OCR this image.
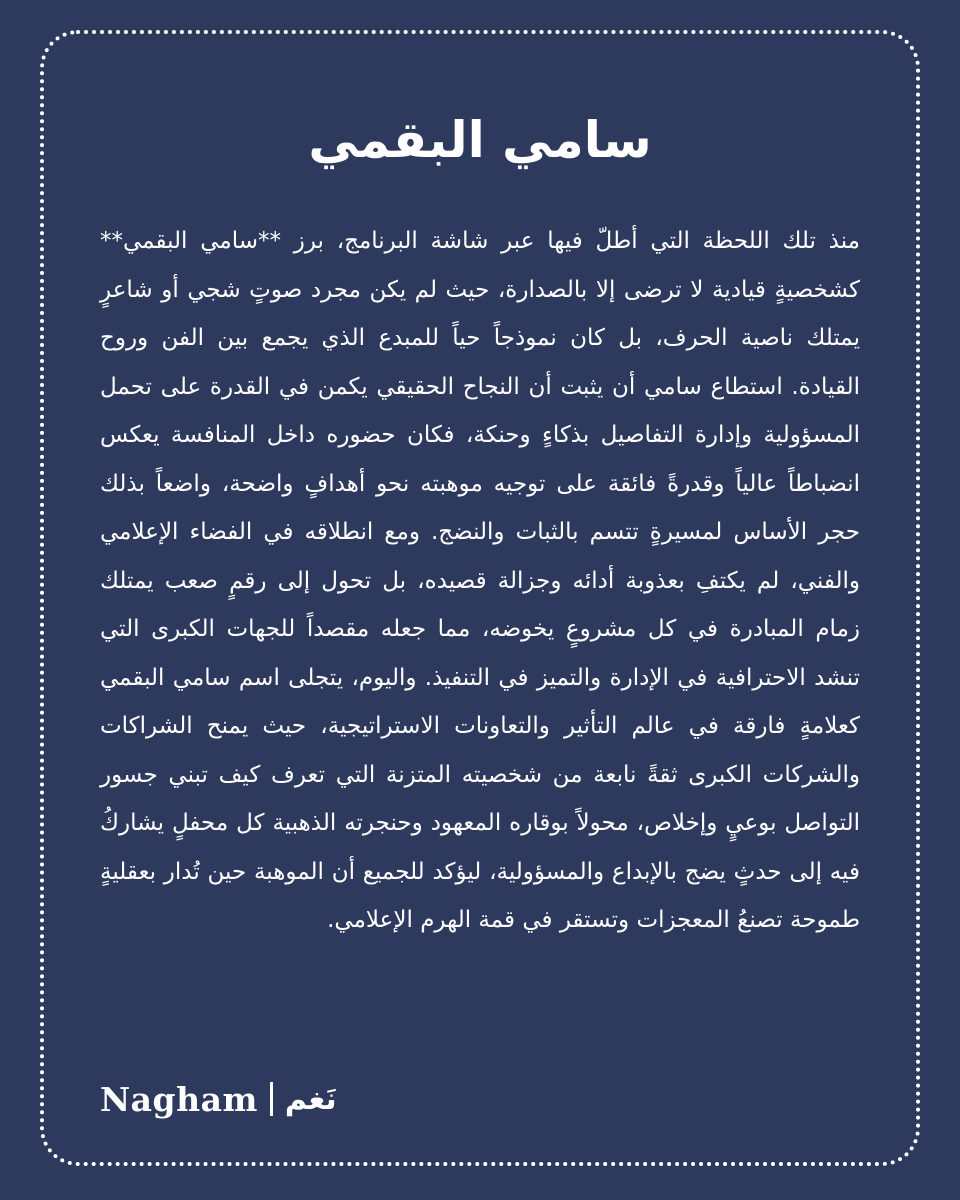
سامي البقمي

منذ تلك اللحظة التي أطلّ فيها عبر شاشة البرنامج، برز **سامي البقمي** كشخصيةٍ قيادية لا ترضى إلا بالصدارة، حيث لم يكن مجرد صوتٍ شجي أو شاعرٍ يمتلك ناصية الحرف، بل كان نموذجاً حياً للمبدع الذي يجمع بين الفن وروح القيادة. استطاع سامي أن يثبت أن النجاح الحقيقي يكمن في القدرة على تحمل المسؤولية وإدارة التفاصيل بذكاءٍ وحنكة، فكان حضوره داخل المنافسة يعكس انضباطاً عالياً وقدرةً فائقة على توجيه موهبته نحو أهدافٍ واضحة، واضعاً بذلك حجر الأساس لمسيرةٍ تتسم بالثبات والنضج. ومع انطلاقه في الفضاء الإعلامي والفني، لم يكتفِ بعذوبة أدائه وجزالة قصيده، بل تحول إلى رقمٍ صعب يمتلك زمام المبادرة في كل مشروعٍ يخوضه، مما جعله مقصداً للجهات الكبرى التي تنشد الاحترافية في الإدارة والتميز في التنفيذ. واليوم، يتجلى اسم سامي البقمي كعلامةٍ فارقة في عالم التأثير والتعاونات الاستراتيجية، حيث يمنح الشراكات والشركات الكبرى ثقةً نابعة من شخصيته المتزنة التي تعرف كيف تبني جسور التواصل بوعيٍ وإخلاص، محولاً بوقاره المعهود وحنجرته الذهبية كل محفلٍ يشاركُ فيه إلى حدثٍ يضج بالإبداع والمسؤولية، ليؤكد للجميع أن الموهبة حين تُدار بعقليةٍ طموحة تصنعُ المعجزات وتستقر في قمة الهرم الإعلامي.

Nagham نَغم
